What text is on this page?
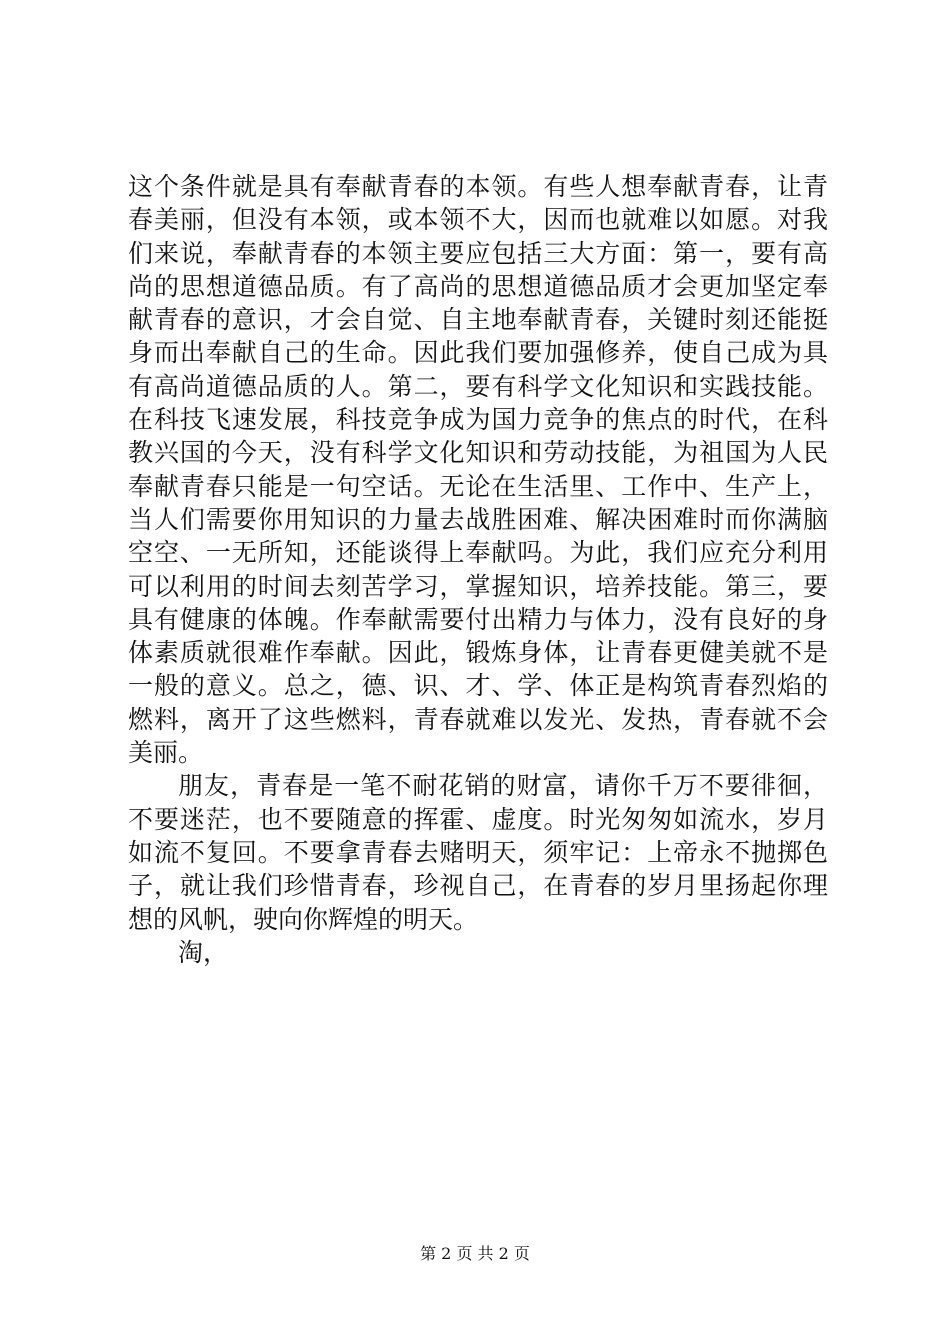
这个条件就是具有奉献青春的本领。有些人想奉献青春，让青
春美丽，但没有本领，或本领不大，因而也就难以如愿。对我
们来说，奉献青春的本领主要应包括三大方面：第一，要有高
尚的思想道德品质。有了高尚的思想道德品质才会更加坚定奉
献青春的意识，才会自觉、自主地奉献青春，关键时刻还能挺
身而出奉献自己的生命。因此我们要加强修养，使自己成为具
有高尚道德品质的人。第二，要有科学文化知识和实践技能。
在科技飞速发展，科技竞争成为国力竞争的焦点的时代，在科
教兴国的今天，没有科学文化知识和劳动技能，为祖国为人民
奉献青春只能是一句空话。无论在生活里、工作中、生产上，
当人们需要你用知识的力量去战胜困难、解决困难时而你满脑
空空、一无所知，还能谈得上奉献吗。为此，我们应充分利用
可以利用的时间去刻苦学习，掌握知识，培养技能。第三，要
具有健康的体魄。作奉献需要付出精力与体力，没有良好的身
体素质就很难作奉献。因此，锻炼身体，让青春更健美就不是
一般的意义。总之，德、识、才、学、体正是构筑青春烈焰的
燃料，离开了这些燃料，青春就难以发光、发热，青春就不会
美丽。
朋友，青春是一笔不耐花销的财富，请你千万不要徘徊，
不要迷茫，也不要随意的挥霍、虚度。时光匆匆如流水，岁月
如流不复回。不要拿青春去赌明天，须牢记：上帝永不抛掷色
子，就让我们珍惜青春，珍视自己，在青春的岁月里扬起你理
想的风帆，驶向你辉煌的明天。
淘，
第 2 页 共 2 页
